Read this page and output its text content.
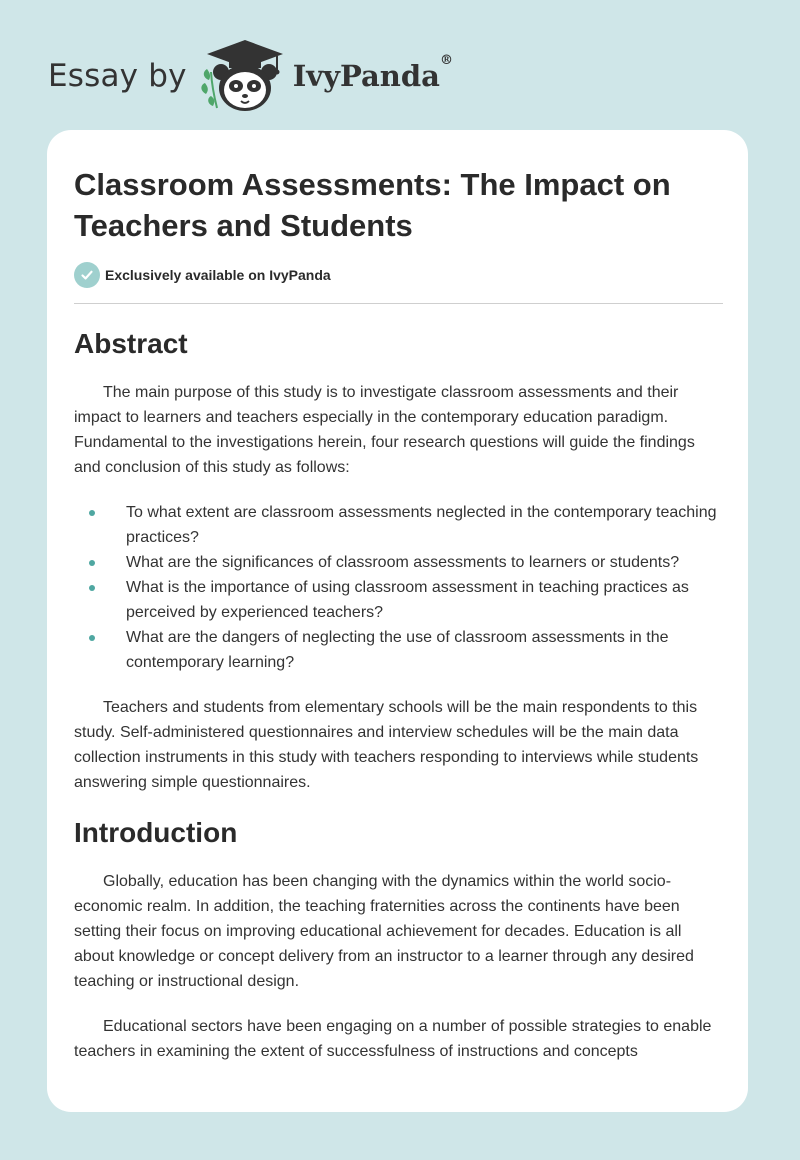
Essay by	IvyPanda®
Classroom Assessments: The Impact on Teachers and Students
Exclusively available on IvyPanda
Abstract

The main purpose of this study is to investigate classroom assessments and their impact to learners and teachers especially in the contemporary education paradigm. Fundamental to the investigations herein, four research questions will guide the findings and conclusion of this study as follows:

To what extent are classroom assessments neglected in the contemporary teaching practices?
What are the significances of classroom assessments to learners or students?
What is the importance of using classroom assessment in teaching practices as perceived by experienced teachers?
What are the dangers of neglecting the use of classroom assessments in the contemporary learning?

Teachers and students from elementary schools will be the main respondents to this study. Self-administered questionnaires and interview schedules will be the main data collection instruments in this study with teachers responding to interviews while students answering simple questionnaires.

Introduction

Globally, education has been changing with the dynamics within the world socio-economic realm. In addition, the teaching fraternities across the continents have been setting their focus on improving educational achievement for decades. Education is all about knowledge or concept delivery from an instructor to a learner through any desired teaching or instructional design.

Educational sectors have been engaging on a number of possible strategies to enable teachers in examining the extent of successfulness of instructions and concepts
